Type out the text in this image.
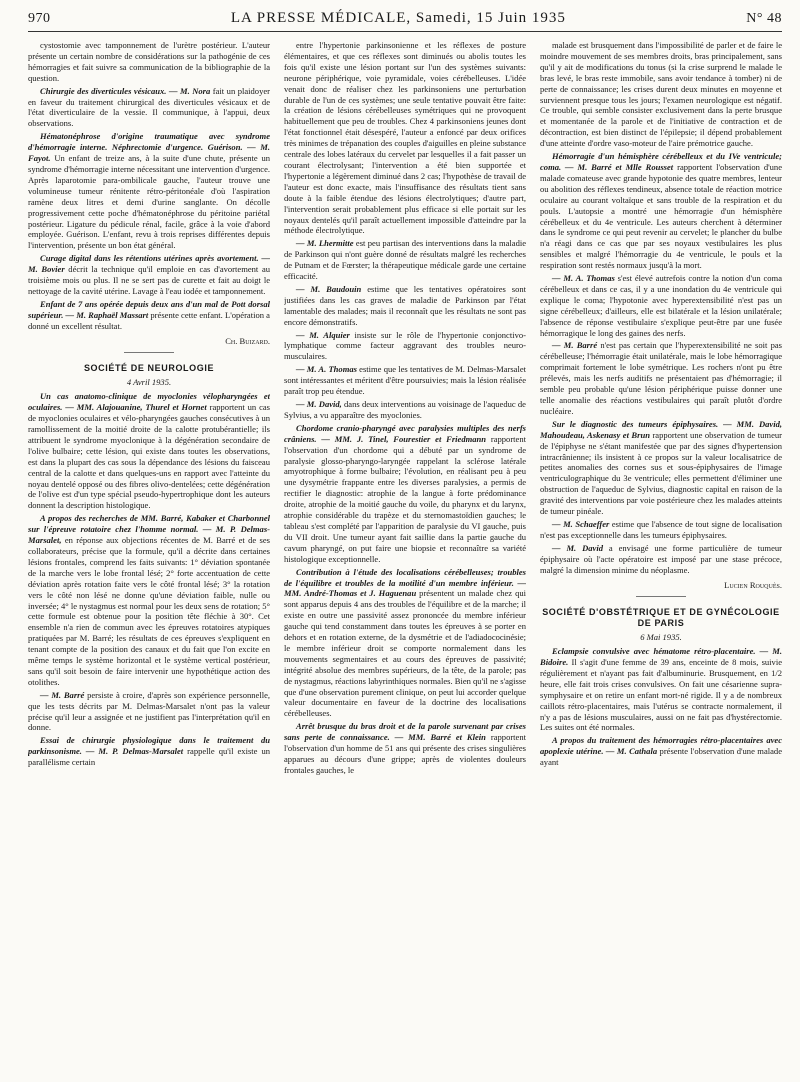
970	LA PRESSE MÉDICALE, Samedi, 15 Juin 1935	N° 48

cystostomie avec tamponnement de l'urètre postérieur. L'auteur présente un certain nombre de considérations sur la pathogénie de ces hémorragies et fait suivre sa communication de la bibliographie de la question.

Chirurgie des diverticules vésicaux. — M. Nora fait un plaidoyer en faveur du traitement chirurgical des diverticules vésicaux et de l'état diverticulaire de la vessie. Il communique, à l'appui, deux observations.

Hématonéphrose d'origine traumatique avec syndrome d'hémorragie interne. Néphrectomie d'urgence. Guérison. — M. Fayot. Un enfant de treize ans, à la suite d'une chute, présente un syndrome d'hémorragie interne nécessitant une intervention d'urgence. Après laparotomie para-ombilicale gauche, l'auteur trouve une volumineuse tumeur rénitente rétro-péritonéale d'où l'aspiration ramène deux litres et demi d'urine sanglante. On décolle progressivement cette poche d'hématonéphrose du péritoine pariétal postérieur. Ligature du pédicule rénal, facile, grâce à la voie d'abord employée. Guérison. L'enfant, revu à trois reprises différentes depuis l'intervention, présente un bon état général.

Curage digital dans les rétentions utérines après avortement. — M. Bovier décrit la technique qu'il emploie en cas d'avortement au troisième mois ou plus. Il ne se sert pas de curette et fait au doigt le nettoyage de la cavité utérine. Lavage à l'eau iodée et tamponnement.

Enfant de 7 ans opérée depuis deux ans d'un mal de Pott dorsal supérieur. — M. Raphaël Massart présente cette enfant. L'opération a donné un excellent résultat.

Ch. Buizard.

SOCIÉTÉ DE NEUROLOGIE

4 Avril 1935.

Un cas anatomo-clinique de myoclonies vélopharyngées et oculaires. — MM. Alajouanine, Thurel et Hornet rapportent un cas de myoclonies oculaires et vélo-pharyngées gauches consécutives à un ramollissement de la moitié droite de la calotte protubérantielle; ils attribuent le syndrome myoclonique à la dégénération secondaire de l'olive bulbaire; cette lésion, qui existe dans toutes les observations, est dans la plupart des cas sous la dépendance des lésions du faisceau central de la calotte et dans quelques-uns en rapport avec l'atteinte du noyau dentelé opposé ou des fibres olivo-dentelées; cette dégénération de l'olive est d'un type spécial pseudo-hypertrophique dont les auteurs donnent la description histologique.

A propos des recherches de MM. Barré, Kabaker et Charbonnel sur l'épreuve rotatoire chez l'homme normal. — M. P. Delmas-Marsalet, en réponse aux objections récentes de M. Barré et de ses collaborateurs, précise que la formule, qu'il a décrite dans certaines lésions frontales, comprend les faits suivants: 1° déviation spontanée de la marche vers le lobe frontal lésé; 2° forte accentuation de cette déviation après rotation faite vers le côté frontal lésé; 3° la rotation vers le côté non lésé ne donne qu'une déviation faible, nulle ou inversée; 4° le nystagmus est normal pour les deux sens de rotation; 5° cette formule est obtenue pour la position tête fléchie à 30°. Cet ensemble n'a rien de commun avec les épreuves rotatoires atypiques pratiquées par M. Barré; les résultats de ces épreuves s'expliquent en tenant compte de la position des canaux et du fait que l'on excite en même temps le système horizontal et le système vertical postérieur, sans qu'il soit besoin de faire intervenir une hypothétique action des otolithes.

— M. Barré persiste à croire, d'après son expérience personnelle, que les tests décrits par M. Delmas-Marsalet n'ont pas la valeur précise qu'il leur a assignée et ne justifient pas l'interprétation qu'il en donne.

Essai de chirurgie physiologique dans le traitement du parkinsonisme. — M. P. Delmas-Marsalet rappelle qu'il existe un parallélisme certain

entre l'hypertonie parkinsonienne et les réflexes de posture élémentaires, et que ces réflexes sont diminués ou abolis toutes les fois qu'il existe une lésion portant sur l'un des systèmes suivants: neurone périphérique, voie pyramidale, voies cérébelleuses. L'idée venait donc de réaliser chez les parkinsoniens une perturbation durable de l'un de ces systèmes; une seule tentative pouvait être faite: la création de lésions cérébelleuses symétriques qui ne provoquent habituellement que peu de troubles. Chez 4 parkinsoniens jeunes dont l'état fonctionnel était désespéré, l'auteur a enfoncé par deux orifices très minimes de trépanation des couples d'aiguilles en pleine substance centrale des lobes latéraux du cervelet par lesquelles il a fait passer un courant électrolysant; l'intervention a été bien supportée et l'hypertonie a légèrement diminué dans 2 cas; l'hypothèse de travail de l'auteur est donc exacte, mais l'insuffisance des résultats tient sans doute à la faible étendue des lésions électrolytiques; d'autre part, l'intervention serait probablement plus efficace si elle portait sur les noyaux dentelés qu'il paraît actuellement impossible d'atteindre par la méthode électrolytique.

— M. Lhermitte est peu partisan des interventions dans la maladie de Parkinson qui n'ont guère donné de résultats malgré les recherches de Putnam et de Fœrster; la thérapeutique médicale garde une certaine efficacité.

— M. Baudouin estime que les tentatives opératoires sont justifiées dans les cas graves de maladie de Parkinson par l'état lamentable des malades; mais il reconnaît que les résultats ne sont pas encore démonstratifs.

— M. Alquier insiste sur le rôle de l'hypertonie conjonctivo-lymphatique comme facteur aggravant des troubles neuro-musculaires.

— M. A. Thomas estime que les tentatives de M. Delmas-Marsalet sont intéressantes et méritent d'être poursuivies; mais la lésion réalisée paraît trop peu étendue.

— M. David, dans deux interventions au voisinage de l'aqueduc de Sylvius, a vu apparaître des myoclonies.

Chordome cranio-pharyngé avec paralysies multiples des nerfs crâniens. — MM. J. Tinel, Fourestier et Friedmann rapportent l'observation d'un chordome qui a débuté par un syndrome de paralysie glosso-pharyngo-laryngée rappelant la sclérose latérale amyotrophique à forme bulbaire; l'évolution, en réalisant peu à peu une dysymétrie frappante entre les diverses paralysies, a permis de rectifier le diagnostic: atrophie de la langue à forte prédominance droite, atrophie de la moitié gauche du voile, du pharynx et du larynx, atrophie considérable du trapèze et du sternomastoïdien gauches; le tableau s'est complété par l'apparition de paralysie du VI gauche, puis du VII droit. Une tumeur ayant fait saillie dans la partie gauche du cavum pharyngé, on put faire une biopsie et reconnaître sa variété histologique exceptionnelle.

Contribution à l'étude des localisations cérébelleuses; troubles de l'équilibre et troubles de la motilité d'un membre inférieur. — MM. André-Thomas et J. Haguenau présentent un malade chez qui sont apparus depuis 4 ans des troubles de l'équilibre et de la marche; il existe en outre une passivité assez prononcée du membre inférieur gauche qui tend constamment dans toutes les épreuves à se porter en dehors et en rotation externe, de la dysmétrie et de l'adiadococinésie; le membre inférieur droit se comporte normalement dans les mouvements segmentaires et au cours des épreuves de passivité; intégrité absolue des membres supérieurs, de la tête, de la parole; pas de nystagmus, réactions labyrinthiques normales. Bien qu'il ne s'agisse que d'une observation purement clinique, on peut lui accorder quelque valeur documentaire en faveur de la doctrine des localisations cérébelleuses.

Arrêt brusque du bras droit et de la parole survenant par crises sans perte de connaissance. — MM. Barré et Klein rapportent l'observation d'un homme de 51 ans qui présente des crises singulières apparues au décours d'une grippe; après de violentes douleurs frontales gauches, le

malade est brusquement dans l'impossibilité de parler et de faire le moindre mouvement de ses membres droits, bras principalement, sans qu'il y ait de modifications du tonus (si la crise surprend le malade le bras levé, le bras reste immobile, sans avoir tendance à tomber) ni de perte de connaissance; les crises durent deux minutes en moyenne et surviennent presque tous les jours; l'examen neurologique est négatif. Ce trouble, qui semble consister exclusivement dans la perte brusque et momentanée de la parole et de l'initiative de contraction et de décontraction, est bien distinct de l'épilepsie; il dépend probablement d'une atteinte d'ordre vaso-moteur de l'aire prémotrice gauche.

Hémorragie d'un hémisphère cérébelleux et du IVe ventricule; coma. — M. Barré et Mlle Rousset rapportent l'observation d'une malade comateuse avec grande hypotonie des quatre membres, lenteur ou abolition des réflexes tendineux, absence totale de réaction motrice oculaire au courant voltaïque et sans trouble de la respiration et du pouls. L'autopsie a montré une hémorragie d'un hémisphère cérébelleux et du 4e ventricule. Les auteurs cherchent à déterminer dans le syndrome ce qui peut revenir au cervelet; le plancher du bulbe n'a réagi dans ce cas que par ses noyaux vestibulaires les plus sensibles et malgré l'hémorragie du 4e ventricule, le pouls et la respiration sont restés normaux jusqu'à la mort.

— M. A. Thomas s'est élevé autrefois contre la notion d'un coma cérébelleux et dans ce cas, il y a une inondation du 4e ventricule qui explique le coma; l'hypotonie avec hyperextensibilité n'est pas un signe cérébelleux; d'ailleurs, elle est bilatérale et la lésion unilatérale; l'absence de réponse vestibulaire s'explique peut-être par une fusée hémorragique le long des gaines des nerfs.

— M. Barré n'est pas certain que l'hyperextensibilité ne soit pas cérébelleuse; l'hémorragie était unilatérale, mais le lobe hémorragique comprimait fortement le lobe symétrique. Les rochers n'ont pu être prélevés, mais les nerfs auditifs ne présentaient pas d'hémorragie; il semble peu probable qu'une lésion périphérique puisse donner une telle anomalie des réactions vestibulaires qui paraît plutôt d'ordre nucléaire.

Sur le diagnostic des tumeurs épiphysaires. — MM. David, Mahoudeau, Askenasy et Brun rapportent une observation de tumeur de l'épiphyse ne s'étant manifestée que par des signes d'hypertension intracrânienne; ils insistent à ce propos sur la valeur localisatrice de petites anomalies des cornes sus et sous-épiphysaires de l'image ventriculographique du 3e ventricule; elles permettent d'éliminer une obstruction de l'aqueduc de Sylvius, diagnostic capital en raison de la gravité des interventions par voie postérieure chez les malades atteints de tumeur pinéale.

— M. Schaeffer estime que l'absence de tout signe de localisation n'est pas exceptionnelle dans les tumeurs épiphysaires.

— M. David a envisagé une forme particulière de tumeur épiphysaire où l'acte opératoire est imposé par une stase précoce, malgré la dimension minime du néoplasme.

Lucien Rouquès.

SOCIÉTÉ D'OBSTÉTRIQUE ET DE GYNÉCOLOGIE DE PARIS

6 Mai 1935.

Eclampsie convulsive avec hématome rétro-placentaire. — M. Bidoire. Il s'agit d'une femme de 39 ans, enceinte de 8 mois, suivie régulièrement et n'ayant pas fait d'albuminurie. Brusquement, en 1/2 heure, elle fait trois crises convulsives. On fait une césarienne supra-symphysaire et on retire un enfant mort-né rigide. Il y a de nombreux caillots rétro-placentaires, mais l'utérus se contracte normalement, il n'y a pas de lésions musculaires, aussi on ne fait pas d'hystérectomie. Les suites ont été normales.

A propos du traitement des hémorragies rétro-placentaires avec apoplexie utérine. — M. Cathala présente l'observation d'une malade ayant
